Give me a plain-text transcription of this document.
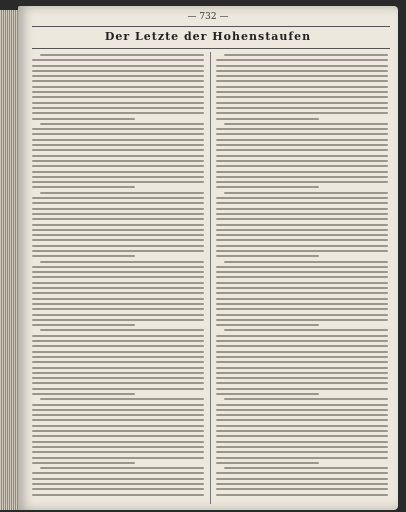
— 732 —
Der Letzte der Hohenstaufen
